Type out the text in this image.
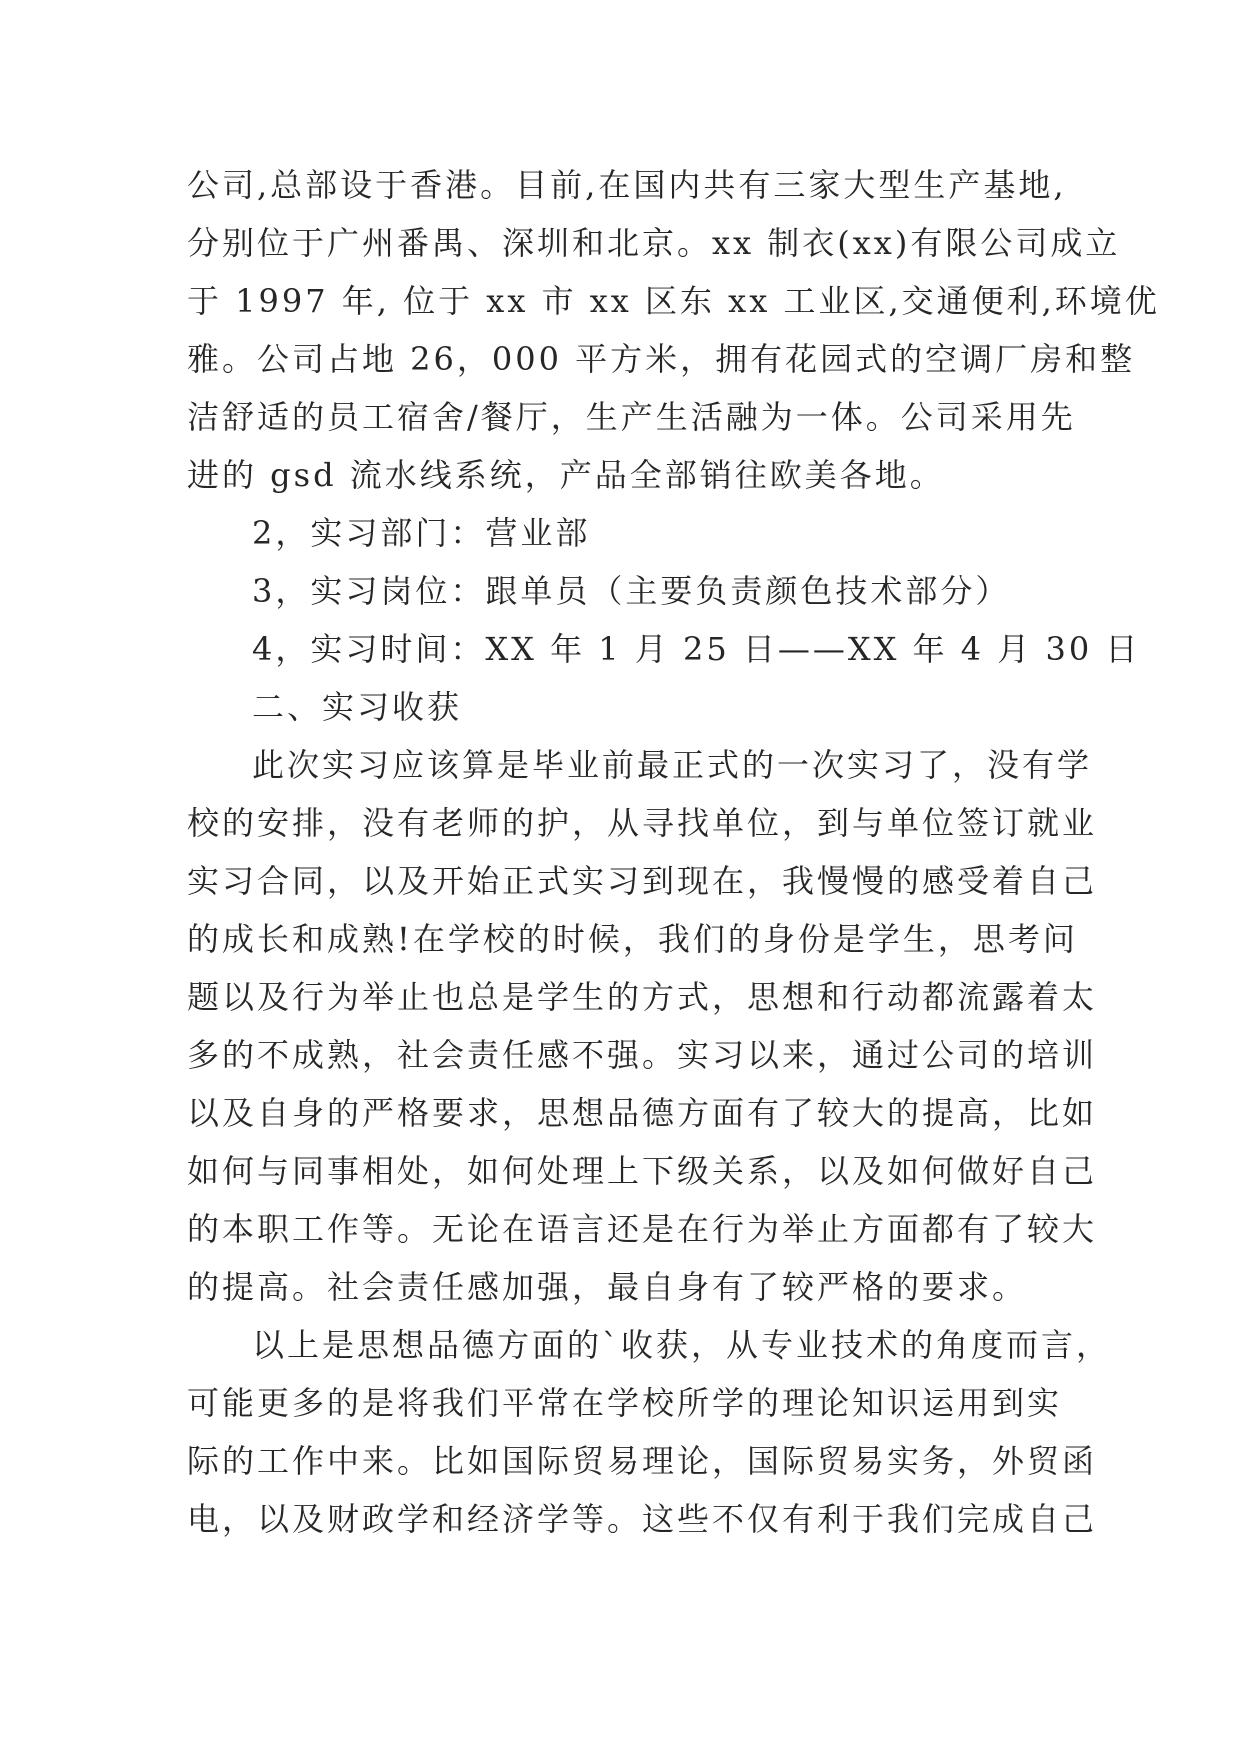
公司,总部设于香港。目前,在国内共有三家大型生产基地,
分别位于广州番禺、深圳和北京。xx 制衣(xx)有限公司成立
于 1997 年, 位于 xx 市 xx 区东 xx 工业区,交通便利,环境优
雅。公司占地 26，000 平方米，拥有花园式的空调厂房和整
洁舒适的员工宿舍/餐厅，生产生活融为一体。公司采用先
进的 gsd 流水线系统，产品全部销往欧美各地。
2，实习部门：营业部
3，实习岗位：跟单员（主要负责颜色技术部分）
4，实习时间：XX 年 1 月 25 日——XX 年 4 月 30 日
二、实习收获
此次实习应该算是毕业前最正式的一次实习了，没有学
校的安排，没有老师的护，从寻找单位，到与单位签订就业
实习合同，以及开始正式实习到现在，我慢慢的感受着自己
的成长和成熟!在学校的时候，我们的身份是学生，思考问
题以及行为举止也总是学生的方式，思想和行动都流露着太
多的不成熟，社会责任感不强。实习以来，通过公司的培训
以及自身的严格要求，思想品德方面有了较大的提高，比如
如何与同事相处，如何处理上下级关系，以及如何做好自己
的本职工作等。无论在语言还是在行为举止方面都有了较大
的提高。社会责任感加强，最自身有了较严格的要求。
以上是思想品德方面的`收获，从专业技术的角度而言，
可能更多的是将我们平常在学校所学的理论知识运用到实
际的工作中来。比如国际贸易理论，国际贸易实务，外贸函
电，以及财政学和经济学等。这些不仅有利于我们完成自己
